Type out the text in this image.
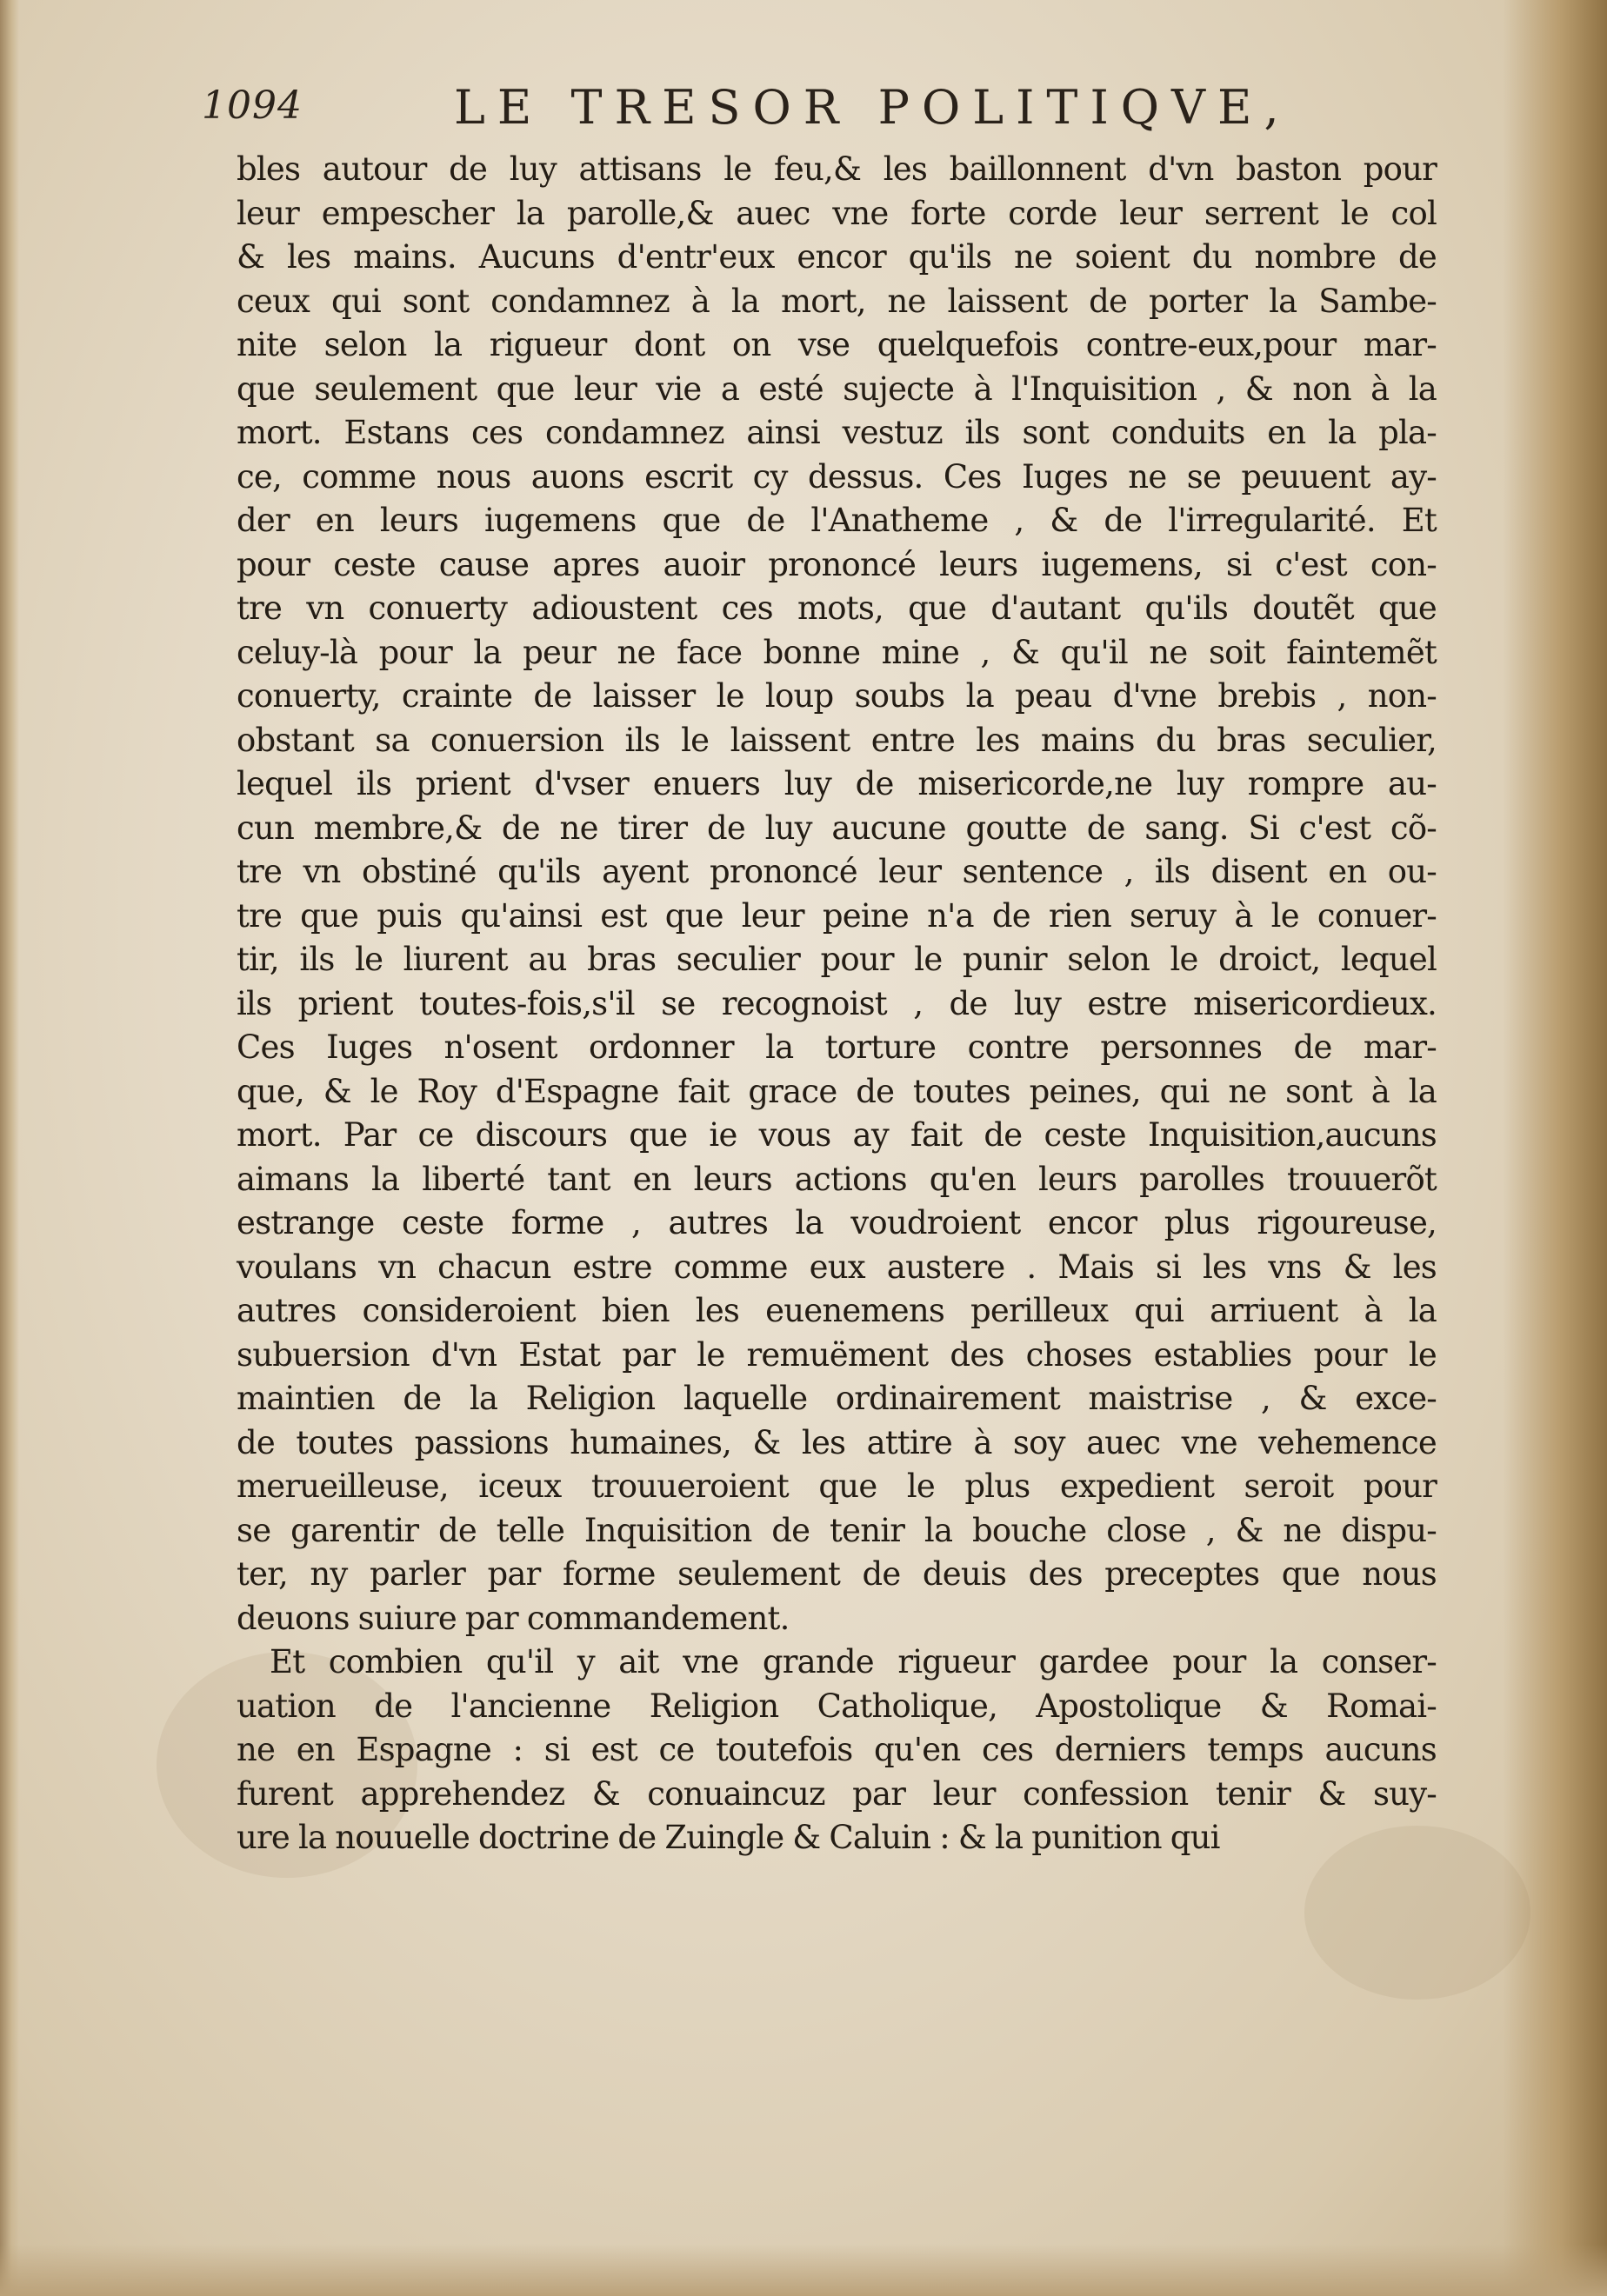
1094	LE TRESOR POLITIQVE,
bles autour de luy attisans le feu,& les baillonnent d'vn baston pour
leur empescher la parolle,& auec vne forte corde leur serrent le col
& les mains. Aucuns d'entr'eux encor qu'ils ne soient du nombre de
ceux qui sont condamnez à la mort, ne laissent de porter la Sambe-
nite selon la rigueur dont on vse quelquefois contre-eux,pour mar-
que seulement que leur vie a esté sujecte à l'Inquisition , & non à la
mort. Estans ces condamnez ainsi vestuz ils sont conduits en la pla-
ce, comme nous auons escrit cy dessus. Ces Iuges ne se peuuent ay-
der en leurs iugemens que de l'Anatheme , & de l'irregularité. Et
pour ceste cause apres auoir prononcé leurs iugemens, si c'est con-
tre vn conuerty adioustent ces mots, que d'autant qu'ils doutẽt que
celuy-là pour la peur ne face bonne mine , & qu'il ne soit faintemẽt
conuerty, crainte de laisser le loup soubs la peau d'vne brebis , non-
obstant sa conuersion ils le laissent entre les mains du bras seculier,
lequel ils prient d'vser enuers luy de misericorde,ne luy rompre au-
cun membre,& de ne tirer de luy aucune goutte de sang. Si c'est cõ-
tre vn obstiné qu'ils ayent prononcé leur sentence , ils disent en ou-
tre que puis qu'ainsi est que leur peine n'a de rien seruy à le conuer-
tir, ils le liurent au bras seculier pour le punir selon le droict, lequel
ils prient toutes-fois,s'il se recognoist , de luy estre misericordieux.
Ces Iuges n'osent ordonner la torture contre personnes de mar-
que, & le Roy d'Espagne fait grace de toutes peines, qui ne sont à la
mort. Par ce discours que ie vous ay fait de ceste Inquisition,aucuns
aimans la liberté tant en leurs actions qu'en leurs parolles trouuerõt
estrange ceste forme , autres la voudroient encor plus rigoureuse,
voulans vn chacun estre comme eux austere . Mais si les vns & les
autres consideroient bien les euenemens perilleux qui arriuent à la
subuersion d'vn Estat par le remuëment des choses establies pour le
maintien de la Religion laquelle ordinairement maistrise , & exce-
de toutes passions humaines, & les attire à soy auec vne vehemence
merueilleuse, iceux trouueroient que le plus expedient seroit pour
se garentir de telle Inquisition de tenir la bouche close , & ne dispu-
ter, ny parler par forme seulement de deuis des preceptes que nous
deuons suiure par commandement.
Et combien qu'il y ait vne grande rigueur gardee pour la conser-
uation de l'ancienne Religion Catholique, Apostolique & Romai-
ne en Espagne : si est ce toutefois qu'en ces derniers temps aucuns
furent apprehendez & conuaincuz par leur confession tenir & suy-
ure la nouuelle doctrine de Zuingle & Caluin : & la punition qui
